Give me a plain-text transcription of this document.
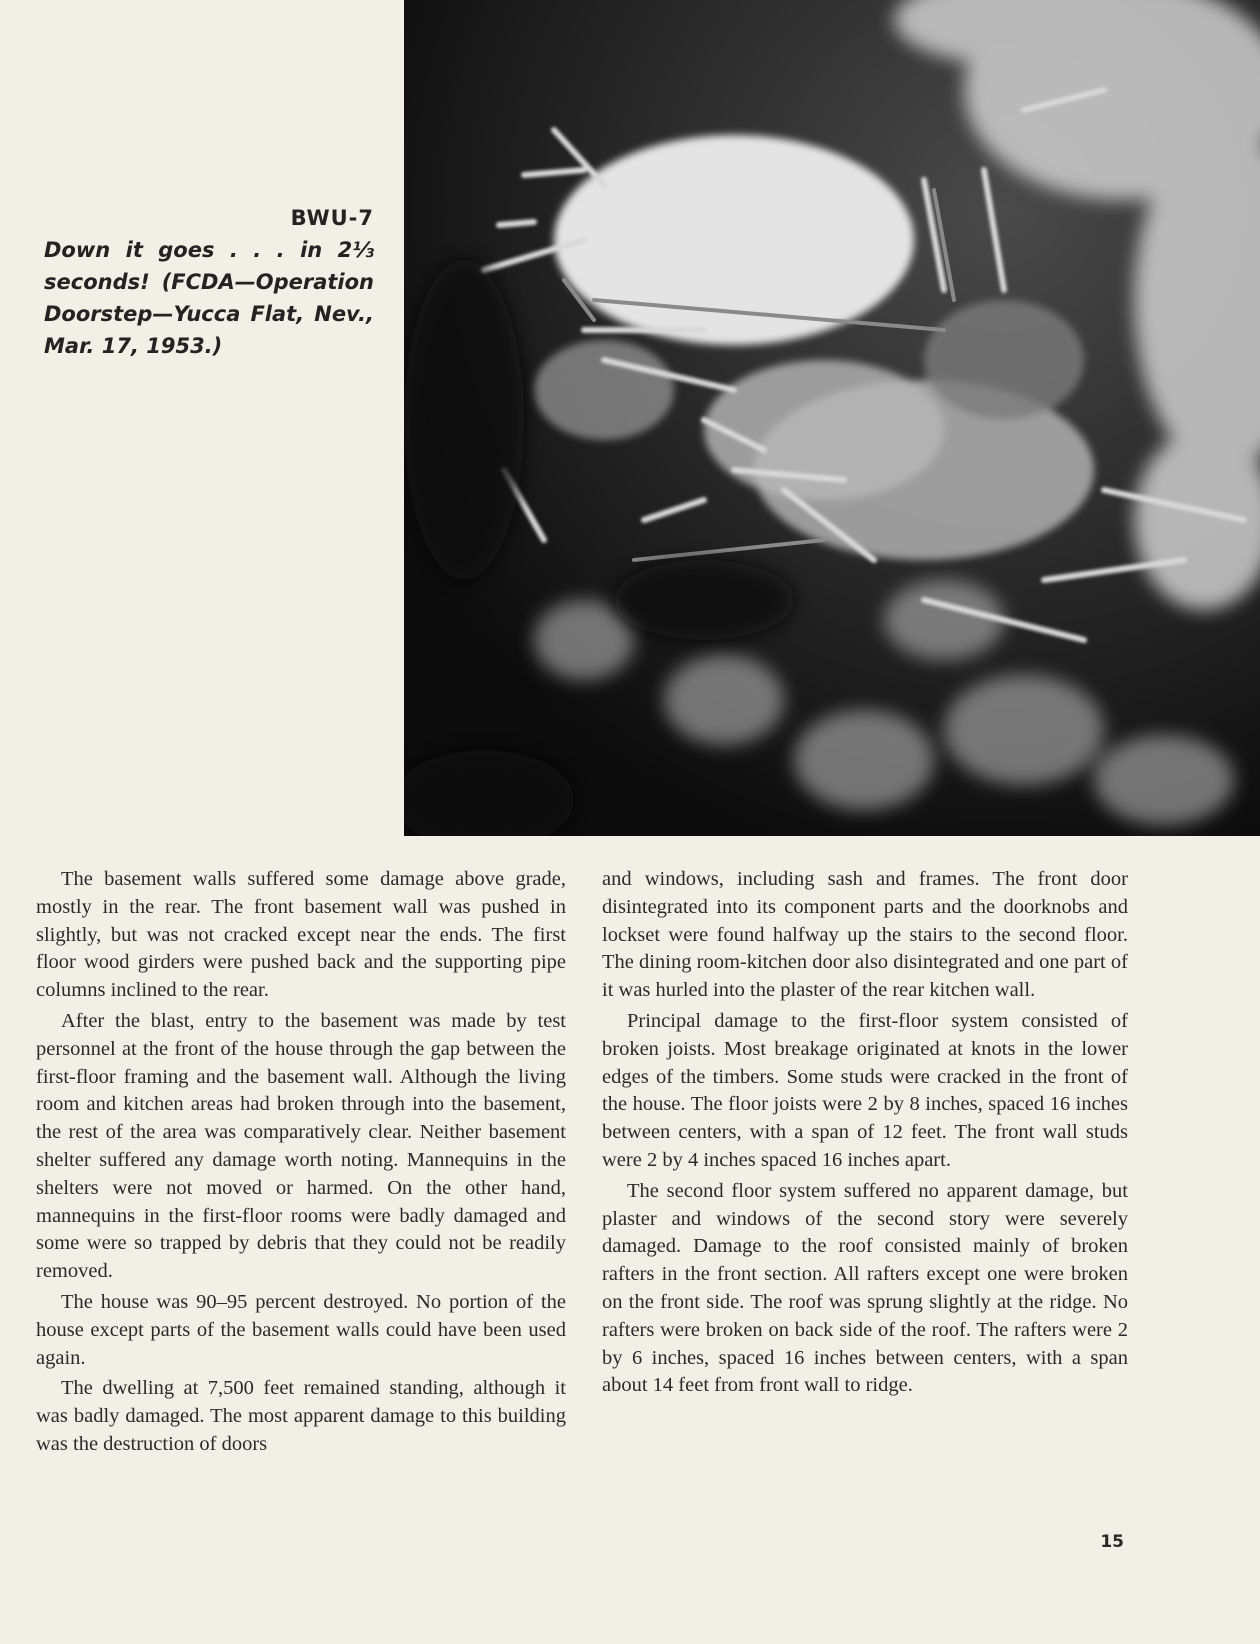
BWU-7
Down it goes . . . in 2⅓ seconds! (FCDA—Operation Doorstep—Yucca Flat, Nev., Mar. 17, 1953.)

The basement walls suffered some damage above grade, mostly in the rear. The front basement wall was pushed in slightly, but was not cracked except near the ends. The first floor wood girders were pushed back and the supporting pipe columns inclined to the rear.

After the blast, entry to the basement was made by test personnel at the front of the house through the gap between the first-floor framing and the basement wall. Although the living room and kitchen areas had broken through into the basement, the rest of the area was comparatively clear. Neither basement shelter suffered any damage worth noting. Mannequins in the shelters were not moved or harmed. On the other hand, mannequins in the first-floor rooms were badly damaged and some were so trapped by debris that they could not be readily removed.

The house was 90–95 percent destroyed. No portion of the house except parts of the basement walls could have been used again.

The dwelling at 7,500 feet remained standing, although it was badly damaged. The most apparent damage to this building was the destruction of doors

and windows, including sash and frames. The front door disintegrated into its component parts and the doorknobs and lockset were found halfway up the stairs to the second floor. The dining room-kitchen door also disintegrated and one part of it was hurled into the plaster of the rear kitchen wall.

Principal damage to the first-floor system consisted of broken joists. Most breakage originated at knots in the lower edges of the timbers. Some studs were cracked in the front of the house. The floor joists were 2 by 8 inches, spaced 16 inches between centers, with a span of 12 feet. The front wall studs were 2 by 4 inches spaced 16 inches apart.

The second floor system suffered no apparent damage, but plaster and windows of the second story were severely damaged. Damage to the roof consisted mainly of broken rafters in the front section. All rafters except one were broken on the front side. The roof was sprung slightly at the ridge. No rafters were broken on back side of the roof. The rafters were 2 by 6 inches, spaced 16 inches between centers, with a span about 14 feet from front wall to ridge.

15
